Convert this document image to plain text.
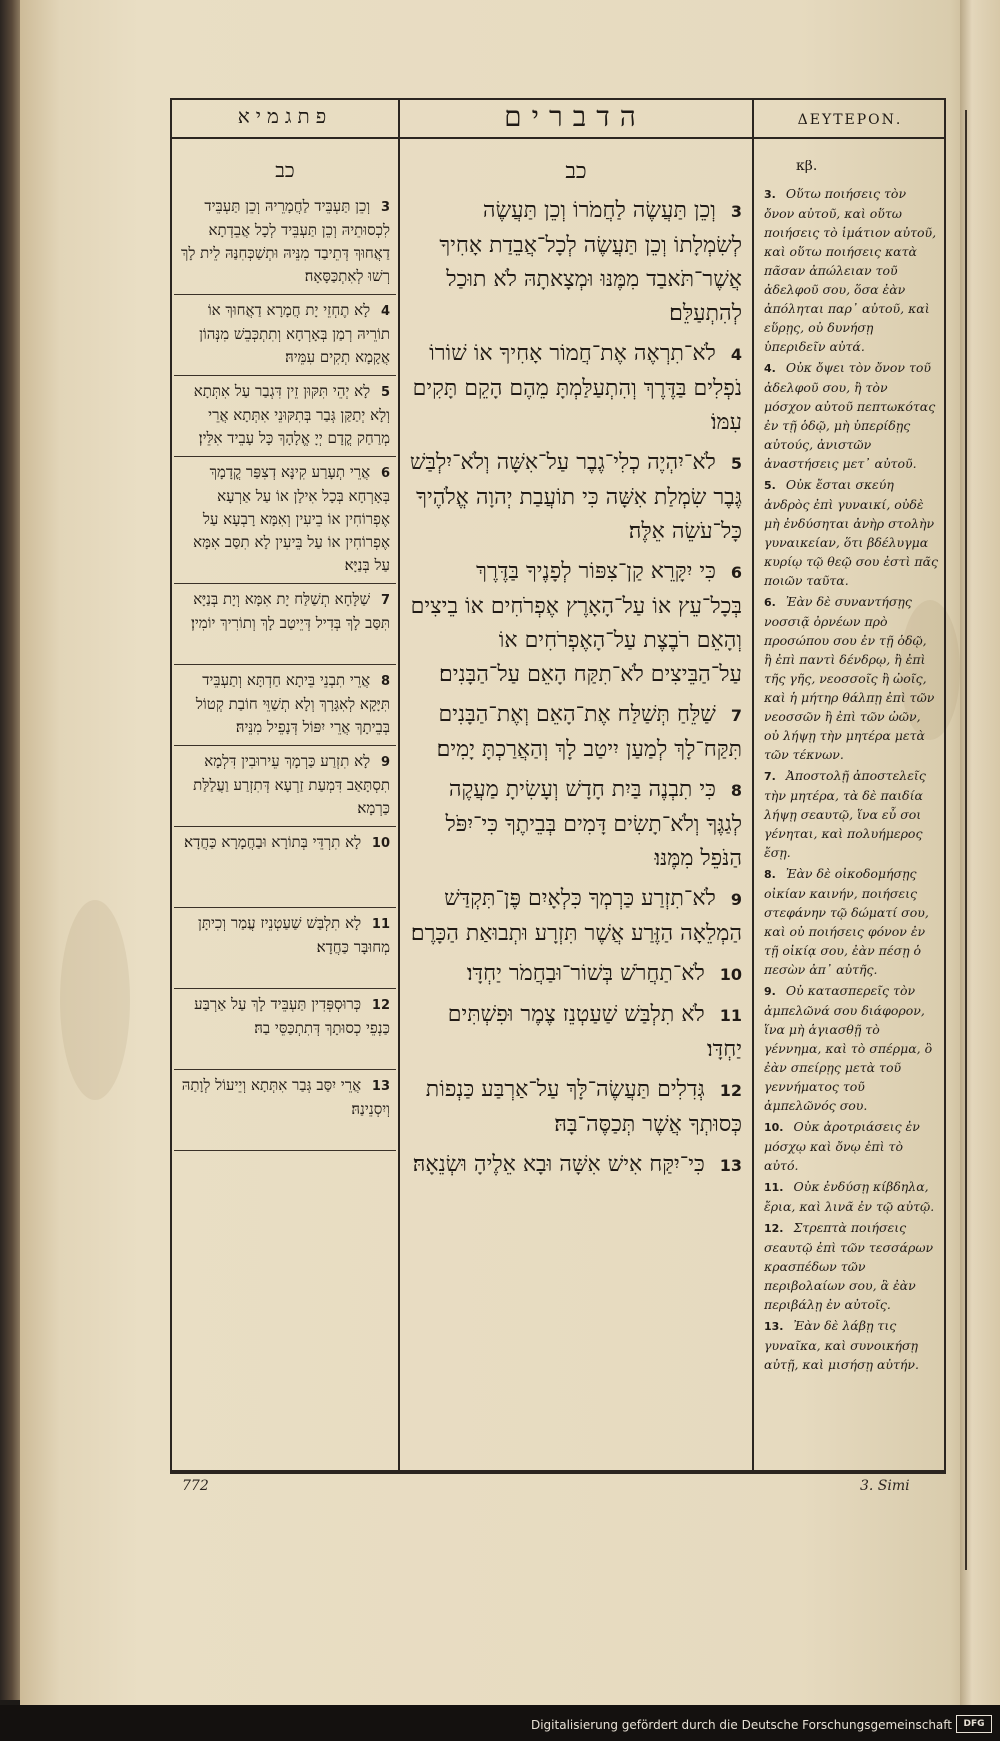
פתגמיא	הדברים	ΔΕΥΤΕΡΟΝ.
כב
3 וְכֵן תַּעְבֵּיד לַחֲמָרֵיהּ וְכֵן תַּעְבֵּיד לִכְסוּתֵיהּ וְכֵן תַּעְבֵּיד לְכָל אֲבֵדְתָא דַאֲחוּךְ דְּתֵיבַד מִנֵּיהּ וּתְשַׁכְּחִנַּהּ לֵית לָךְ רְשׁוּ לְאִתְכַּסָּאָה׃
4 לָא תֶחְזֵי יָת חֲמָרָא דַאֲחוּךְ אוֹ תוֹרֵיהּ רְמַן בְּאָרְחָא וְתִתְכְּבֵשׁ מִנְּהוֹן אֲקָמָא תְקִים עִמֵּיהּ׃
5 לָא יְהֵי תִּקּוּן זֵין דִּגְבַר עַל אִתְּתָא וְלָא יְתַקַּן גְּבַר בְּתִקּוּנֵי אִתְּתָא אֲרֵי מְרַחַק קֳדָם יְיָ אֱלָהָךְ כָּל עָבֵיד אִלֵּין׃
6 אֲרֵי תְעָרַע קִינָּא דְצִפַּר קֳדָמָךְ בְּאָרְחָא בְּכָל אִילָן אוֹ עַל אַרְעָא אֶפְרוֹחִין אוֹ בֵיעִין וְאִמָּא רָבְעָא עַל אֶפְרוֹחִין אוֹ עַל בֵּיעִין לָא תִסַּב אִמָּא עַל בְּנַיָּא׃
7 שַׁלָּחָא תְשַׁלַּח יָת אִמָּא וְיָת בְּנַיָּא תִּסַּב לָךְ בְּדִיל דְּיֵיטַב לָךְ וְתוֹרִיךְ יוֹמִין׃
8 אֲרֵי תִבְנֵי בֵּיתָא חַדְתָּא וְתַעְבֵּיד תִּיָּקָא לְאִגָּרָךְ וְלָא תְשַׁוֵּי חוֹבַת קְטוֹל בְּבֵיתָךְ אֲרֵי יִפּוֹל דְּנָפֵיל מִנֵּיהּ׃
9 לָא תִזְרַע כַּרְמָךְ עֵירוּבִין דִּלְמָא תִסְתָּאַב דִּמְעַת זַרְעָא דְּתִזְרַע וַעֲלַלַּת כַּרְמָא׃
10 לָא תִרְדֵּי בְּתוֹרָא וּבַחֲמָרָא כַּחֲדָא׃
11 לָא תִלְבַּשׁ שַׁעַטְנֵיז עֲמַר וְכִיתָּן מְחוּבָּר כַּחֲדָא׃
12 כְּרוּסְפְּדִין תַּעְבֵּיד לָךְ עַל אַרְבַּע כַּנְפֵי כְסוּתָךְ דְּתִתְכַּסֵּי בַהּ׃
13 אֲרֵי יִסַּב גְּבַר אִתְּתָא וְיֵיעוֹל לְוָתַהּ וְיִסְנֵינַהּ׃
כב
3 וְכֵן תַּעֲשֶׂה לַחֲמֹרוֹ וְכֵן תַּעֲשֶׂה לְשִׂמְלָתוֹ וְכֵן תַּעֲשֶׂה לְכָל־אֲבֵדַת אָחִיךָ אֲשֶׁר־תֹּאבַד מִמֶּנּוּ וּמְצָאתָהּ לֹא תוּכַל לְהִתְעַלֵּם׃
4 לֹא־תִרְאֶה אֶת־חֲמוֹר אָחִיךָ אוֹ שׁוֹרוֹ נֹפְלִים בַּדֶּרֶךְ וְהִתְעַלַּמְתָּ מֵהֶם הָקֵם תָּקִים עִמּוֹ׃
5 לֹא־יִהְיֶה כְלִי־גֶבֶר עַל־אִשָּׁה וְלֹא־יִלְבַּשׁ גֶּבֶר שִׂמְלַת אִשָּׁה כִּי תוֹעֲבַת יְהוָה אֱלֹהֶיךָ כָּל־עֹשֵׂה אֵלֶּה׃
6 כִּי יִקָּרֵא קַן־צִפּוֹר לְפָנֶיךָ בַּדֶּרֶךְ בְּכָל־עֵץ אוֹ עַל־הָאָרֶץ אֶפְרֹחִים אוֹ בֵיצִים וְהָאֵם רֹבֶצֶת עַל־הָאֶפְרֹחִים אוֹ עַל־הַבֵּיצִים לֹא־תִקַּח הָאֵם עַל־הַבָּנִים׃
7 שַׁלֵּחַ תְּשַׁלַּח אֶת־הָאֵם וְאֶת־הַבָּנִים תִּקַּח־לָךְ לְמַעַן יִיטַב לָךְ וְהַאֲרַכְתָּ יָמִים׃
8 כִּי תִבְנֶה בַּיִת חָדָשׁ וְעָשִׂיתָ מַעֲקֶה לְגַגֶּךָ וְלֹא־תָשִׂים דָּמִים בְּבֵיתֶךָ כִּי־יִפֹּל הַנֹּפֵל מִמֶּנּוּ׃
9 לֹא־תִזְרַע כַּרְמְךָ כִּלְאָיִם פֶּן־תִּקְדַּשׁ הַמְלֵאָה הַזֶּרַע אֲשֶׁר תִּזְרָע וּתְבוּאַת הַכָּרֶם׃
10 לֹא־תַחֲרֹשׁ בְּשׁוֹר־וּבַחֲמֹר יַחְדָּו׃
11 לֹא תִלְבַּשׁ שַׁעַטְנֵז צֶמֶר וּפִשְׁתִּים יַחְדָּו׃
12 גְּדִלִים תַּעֲשֶׂה־לָּךְ עַל־אַרְבַּע כַּנְפוֹת כְּסוּתְךָ אֲשֶׁר תְּכַסֶּה־בָּהּ׃
13 כִּי־יִקַּח אִישׁ אִשָּׁה וּבָא אֵלֶיהָ וּשְׂנֵאָהּ׃
κβ.
3. Οὕτω ποιήσεις τὸν ὄνον αὐτοῦ, καὶ οὕτω ποιήσεις τὸ ἱμάτιον αὐτοῦ, καὶ οὕτω ποιήσεις κατὰ πᾶσαν ἀπώλειαν τοῦ ἀδελφοῦ σου, ὅσα ἐὰν ἀπόληται παρ᾽ αὐτοῦ, καὶ εὕρῃς, οὐ δυνήσῃ ὑπεριδεῖν αὐτά.
4. Οὐκ ὄψει τὸν ὄνον τοῦ ἀδελφοῦ σου, ἢ τὸν μόσχον αὐτοῦ πεπτωκότας ἐν τῇ ὁδῷ, μὴ ὑπερίδῃς αὐτούς, ἀνιστῶν ἀναστήσεις μετ᾽ αὐτοῦ.
5. Οὐκ ἔσται σκεύη ἀνδρὸς ἐπὶ γυναικί, οὐδὲ μὴ ἐνδύσηται ἀνὴρ στολὴν γυναικείαν, ὅτι βδέλυγμα κυρίῳ τῷ θεῷ σου ἐστὶ πᾶς ποιῶν ταῦτα.
6. Ἐὰν δὲ συναντήσῃς νοσσιᾷ ὀρνέων πρὸ προσώπου σου ἐν τῇ ὁδῷ, ἢ ἐπὶ παντὶ δένδρῳ, ἢ ἐπὶ τῆς γῆς, νεοσσοῖς ἢ ὠοῖς, καὶ ἡ μήτηρ θάλπῃ ἐπὶ τῶν νεοσσῶν ἢ ἐπὶ τῶν ὠῶν, οὐ λήψῃ τὴν μητέρα μετὰ τῶν τέκνων.
7. Ἀποστολῇ ἀποστελεῖς τὴν μητέρα, τὰ δὲ παιδία λήψῃ σεαυτῷ, ἵνα εὖ σοι γένηται, καὶ πολυήμερος ἔσῃ.
8. Ἐὰν δὲ οἰκοδομήσῃς οἰκίαν καινήν, ποιήσεις στεφάνην τῷ δώματί σου, καὶ οὐ ποιήσεις φόνον ἐν τῇ οἰκίᾳ σου, ἐὰν πέσῃ ὁ πεσὼν ἀπ᾽ αὐτῆς.
9. Οὐ κατασπερεῖς τὸν ἀμπελῶνά σου διάφορον, ἵνα μὴ ἁγιασθῇ τὸ γέννημα, καὶ τὸ σπέρμα, ὃ ἐὰν σπείρῃς μετὰ τοῦ γεννήματος τοῦ ἀμπελῶνός σου.
10. Οὐκ ἀροτριάσεις ἐν μόσχῳ καὶ ὄνῳ ἐπὶ τὸ αὐτό.
11. Οὐκ ἐνδύσῃ κίβδηλα, ἔρια, καὶ λινᾶ ἐν τῷ αὐτῷ.
12. Στρεπτὰ ποιήσεις σεαυτῷ ἐπὶ τῶν τεσσάρων κρασπέδων τῶν περιβολαίων σου, ἃ ἐὰν περιβάλῃ ἐν αὐτοῖς.
13. Ἐὰν δὲ λάβῃ τις γυναῖκα, καὶ συνοικήσῃ αὐτῇ, καὶ μισήσῃ αὐτήν.
772	3. Simi
Digitalisierung gefördert durch die Deutsche Forschungsgemeinschaft	DFG
